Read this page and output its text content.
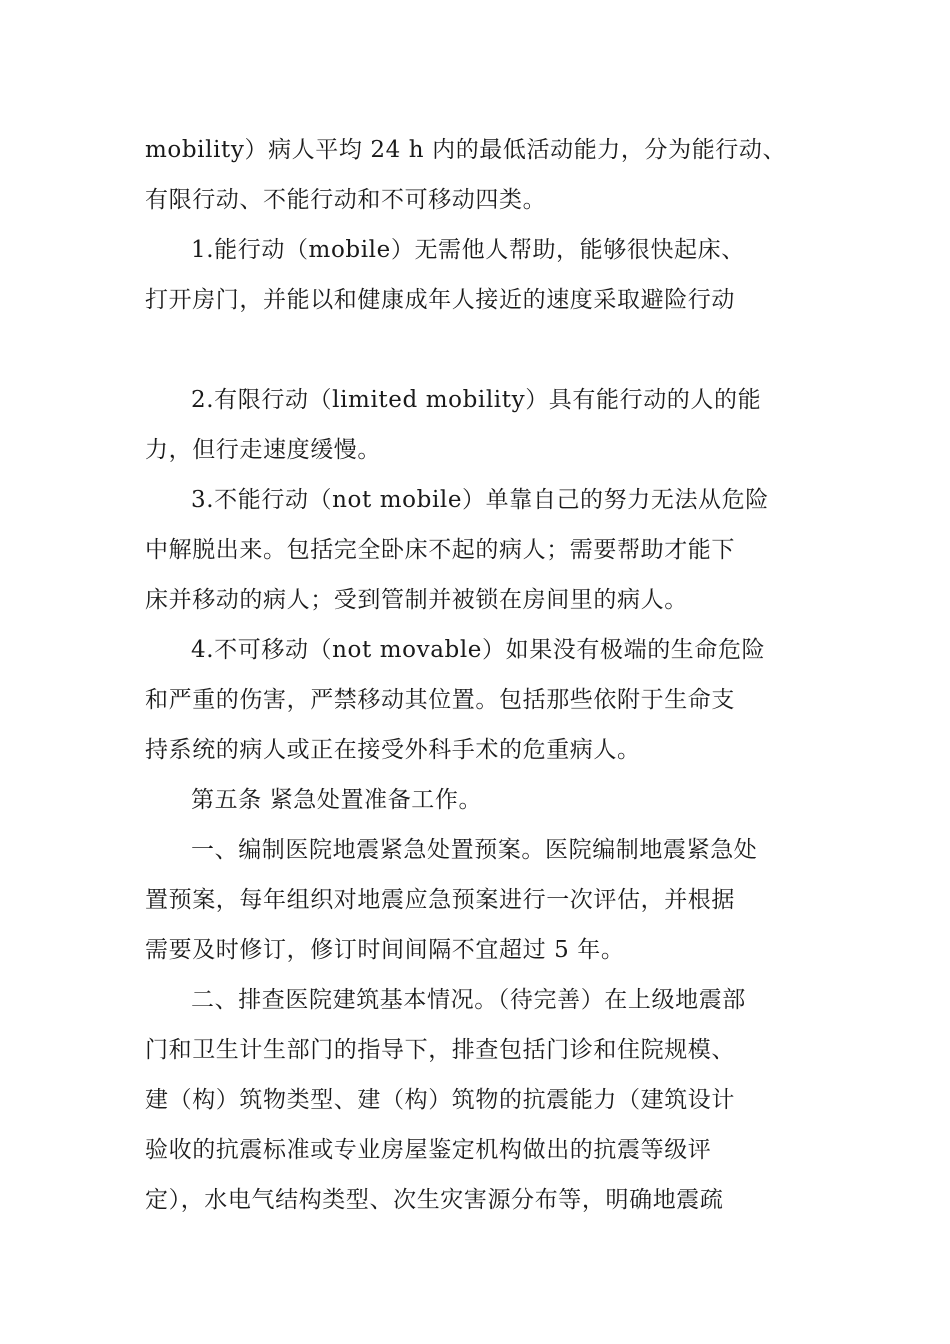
mobility）病人平均 24 h 内的最低活动能力，分为能行动、
有限行动、不能行动和不可移动四类。
1.能行动（mobile）无需他人帮助，能够很快起床、
打开房门，并能以和健康成年人接近的速度采取避险行动
2.有限行动（limited mobility）具有能行动的人的能
力，但行走速度缓慢。
3.不能行动（not mobile）单靠自己的努力无法从危险
中解脱出来。包括完全卧床不起的病人；需要帮助才能下
床并移动的病人；受到管制并被锁在房间里的病人。
4.不可移动（not movable）如果没有极端的生命危险
和严重的伤害，严禁移动其位置。包括那些依附于生命支
持系统的病人或正在接受外科手术的危重病人。
第五条 紧急处置准备工作。
一、编制医院地震紧急处置预案。医院编制地震紧急处
置预案，每年组织对地震应急预案进行一次评估，并根据
需要及时修订，修订时间间隔不宜超过 5 年。
二、排查医院建筑基本情况。（待完善）在上级地震部
门和卫生计生部门的指导下，排查包括门诊和住院规模、
建（构）筑物类型、建（构）筑物的抗震能力（建筑设计
验收的抗震标准或专业房屋鉴定机构做出的抗震等级评
定），水电气结构类型、次生灾害源分布等，明确地震疏
